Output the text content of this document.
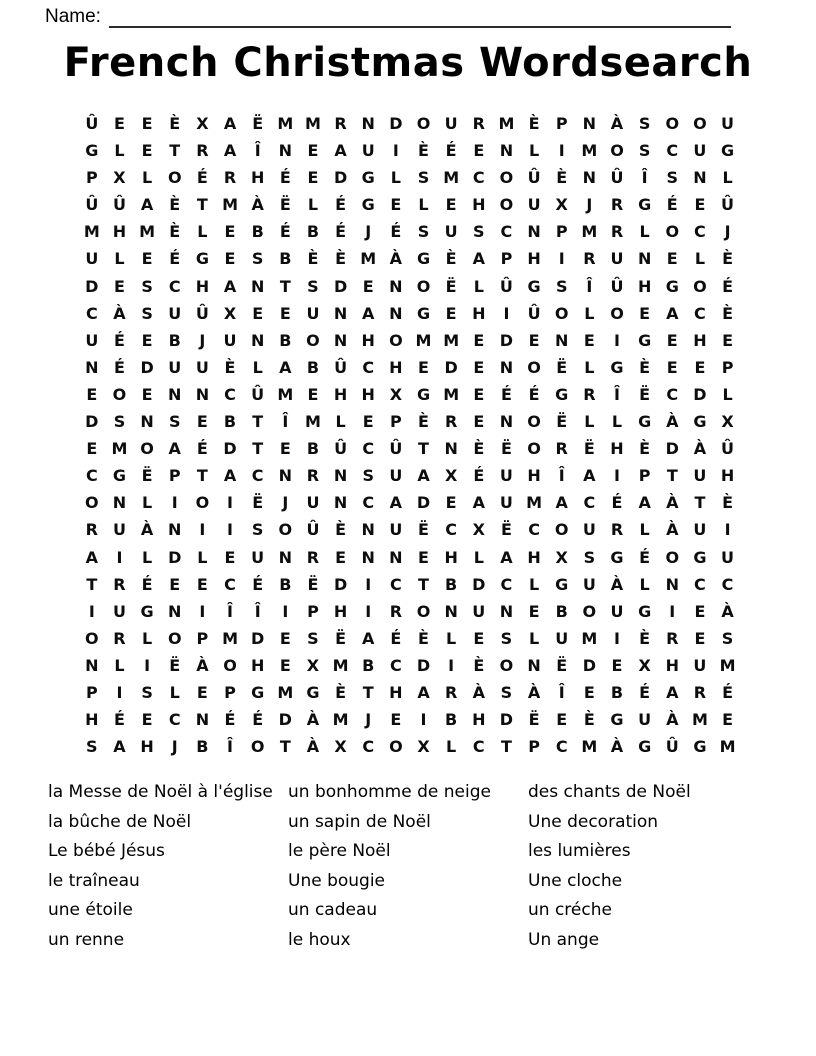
Name:
French Christmas Wordsearch
Û E	E	È	X A Ë M M R N D O U R M È	P N À S O O U
G L	E	T	R A	Î	N E A U	I	È	É	E N L	I	M O S	C U G
P X	L O É	R H É	E D G L	S M C O Û È N Û	Î	S N L
Û Û A È	T M À Ë	L	É G E	L	E H O U X	J	R G É	E Û
M H M È	L	E	B	É	B	É	J	É	S U S	C N P M R	L O C	J
U	L	E	É G E	S B	È	È M À G È A P H	I	R U N E	L	È
D E	S	C H A N T	S D E N O Ë	L	Û G S	Î	Û H G O É
C À S U Û X	E	E U N A N G E H	I	Û O L O E A C	È
U É	E	B	J	U N B O N H O M M E D E N E	I	G E H E
N É D U U È	L	A B Û C H E D E N O Ë	L G È	E	E	P
E O E N N C Û M E H H X G M E	É	É G R	Î	Ë	C D L
D S N S	E	B	T	Î	M L	E	P	È	R	E N O Ë	L	L G À G X
E M O A É D T	E	B Û C Û T N È	Ë O R	Ë H È D À Û
C G Ë	P	T A C N R N S U A X	É U H	Î	A	I	P	T U H
O N L	I	O	I	Ë	J	U N C A D E A U M A C	É A À T	È
R U À N	I	I	S O Û È N U Ë	C X	Ë	C O U R	L	À U	I
A	I	L D L	E U N R	E N N E H L	A H X S G É O G U
T	R	É	E	E	C	É	B	Ë D	I	C	T	B D C	L G U À	L N C C
I	U G N	I	Î	Î	I	P H	I	R O N U N E	B O U G	I	E À
O R	L O P M D E	S	Ë A É	È	L	E	S	L	U M	I	È	R	E	S
N L	I	Ë À O H E	X M B C D	I	È O N Ë D E	X H U M
P	I	S	L	E	P G M G È	T H A R À S À	Î	E	B	É A R	É
H É	E	C N É	É D À M	J	E	I	B H D Ë	E	È G U À M E
S A H	J	B	Î	O T À X C O X	L	C	T	P C M À G Û G M
la Messe de Noël à l'église
la bûche de Noël
Le bébé Jésus
le traîneau
une étoile
un renne
un bonhomme de neige
un sapin de Noël
le père Noël
Une bougie
un cadeau
le houx
des chants de Noël
Une decoration
les lumières
Une cloche
un créche
Un ange
